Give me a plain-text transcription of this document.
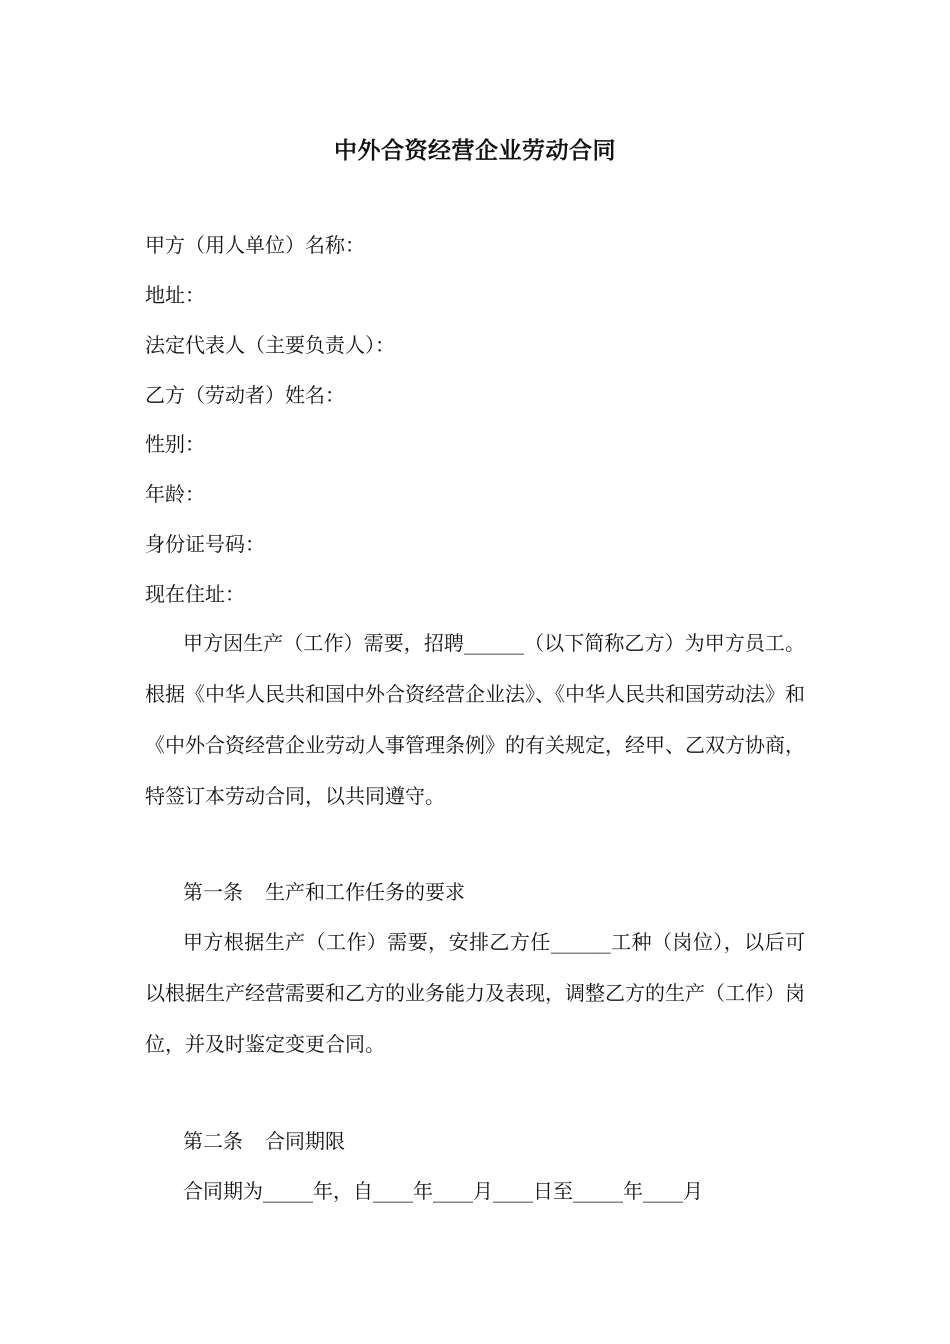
中外合资经营企业劳动合同
甲方（用人单位）名称：
地址：
法定代表人（主要负责人）：
乙方（劳动者）姓名：
性别：
年龄：
身份证号码：
现在住址：
甲方因生产（工作）需要，招聘______（以下简称乙方）为甲方员工。根据《中华人民共和国中外合资经营企业法》、《中华人民共和国劳动法》和《中外合资经营企业劳动人事管理条例》的有关规定，经甲、乙双方协商，特签订本劳动合同，以共同遵守。
第一条 生产和工作任务的要求
甲方根据生产（工作）需要，安排乙方任______工种（岗位），以后可以根据生产经营需要和乙方的业务能力及表现，调整乙方的生产（工作）岗位，并及时鉴定变更合同。
第二条 合同期限
合同期为_____年，自____年____月____日至_____年____月
